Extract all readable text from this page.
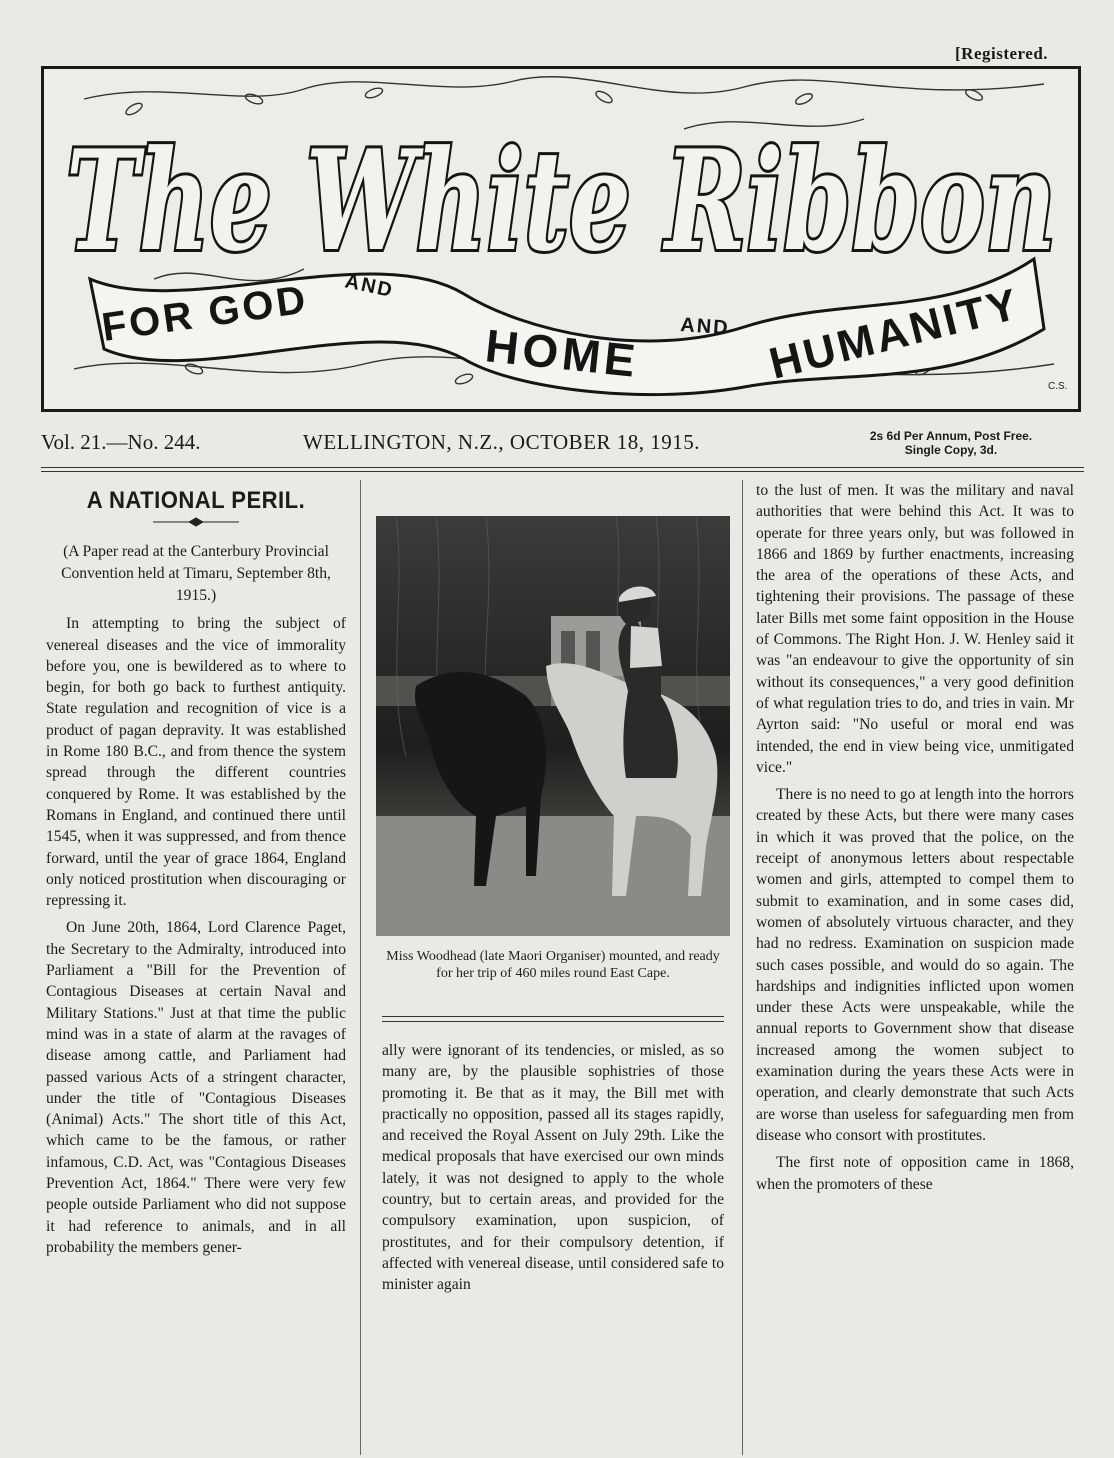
[Registered.
The White Ribbon
FOR GOD AND
HOME AND HUMANITY C.S.
Vol. 21.—No. 244.	WELLINGTON, N.Z., OCTOBER 18, 1915.	2s 6d Per Annum, Post Free.
Single Copy, 3d.
A NATIONAL PERIL.

(A Paper read at the Canterbury Provincial Convention held at Timaru, September 8th, 1915.)

In attempting to bring the subject of venereal diseases and the vice of immorality before you, one is bewildered as to where to begin, for both go back to furthest antiquity. State regulation and recognition of vice is a product of pagan depravity. It was established in Rome 180 B.C., and from thence the system spread through the different countries conquered by Rome. It was established by the Romans in England, and continued there until 1545, when it was suppressed, and from thence forward, until the year of grace 1864, England only noticed prostitution when discouraging or repressing it.

On June 20th, 1864, Lord Clarence Paget, the Secretary to the Admiralty, introduced into Parliament a "Bill for the Prevention of Contagious Diseases at certain Naval and Military Stations." Just at that time the public mind was in a state of alarm at the ravages of disease among cattle, and Parliament had passed various Acts of a stringent character, under the title of "Contagious Diseases (Animal) Acts." The short title of this Act, which came to be the famous, or rather infamous, C.D. Act, was "Contagious Diseases Prevention Act, 1864." There were very few people outside Parliament who did not suppose it had reference to animals, and in all probability the members gener-

Miss Woodhead (late Maori Organiser) mounted, and ready for her trip of 460 miles round East Cape.

ally were ignorant of its tendencies, or misled, as so many are, by the plausible sophistries of those promoting it. Be that as it may, the Bill met with practically no opposition, passed all its stages rapidly, and received the Royal Assent on July 29th. Like the medical proposals that have exercised our own minds lately, it was not designed to apply to the whole country, but to certain areas, and provided for the compulsory examination, upon suspicion, of prostitutes, and for their compulsory detention, if affected with venereal disease, until considered safe to minister again

to the lust of men. It was the military and naval authorities that were behind this Act. It was to operate for three years only, but was followed in 1866 and 1869 by further enactments, increasing the area of the operations of these Acts, and tightening their provisions. The passage of these later Bills met some faint opposition in the House of Commons. The Right Hon. J. W. Henley said it was "an endeavour to give the opportunity of sin without its consequences," a very good definition of what regulation tries to do, and tries in vain. Mr Ayrton said: "No useful or moral end was intended, the end in view being vice, unmitigated vice."

There is no need to go at length into the horrors created by these Acts, but there were many cases in which it was proved that the police, on the receipt of anonymous letters about respectable women and girls, attempted to compel them to submit to examination, and in some cases did, women of absolutely virtuous character, and they had no redress. Examination on suspicion made such cases possible, and would do so again. The hardships and indignities inflicted upon women under these Acts were unspeakable, while the annual reports to Government show that disease increased among the women subject to examination during the years these Acts were in operation, and clearly demonstrate that such Acts are worse than useless for safeguarding men from disease who consort with prostitutes.

The first note of opposition came in 1868, when the promoters of these
